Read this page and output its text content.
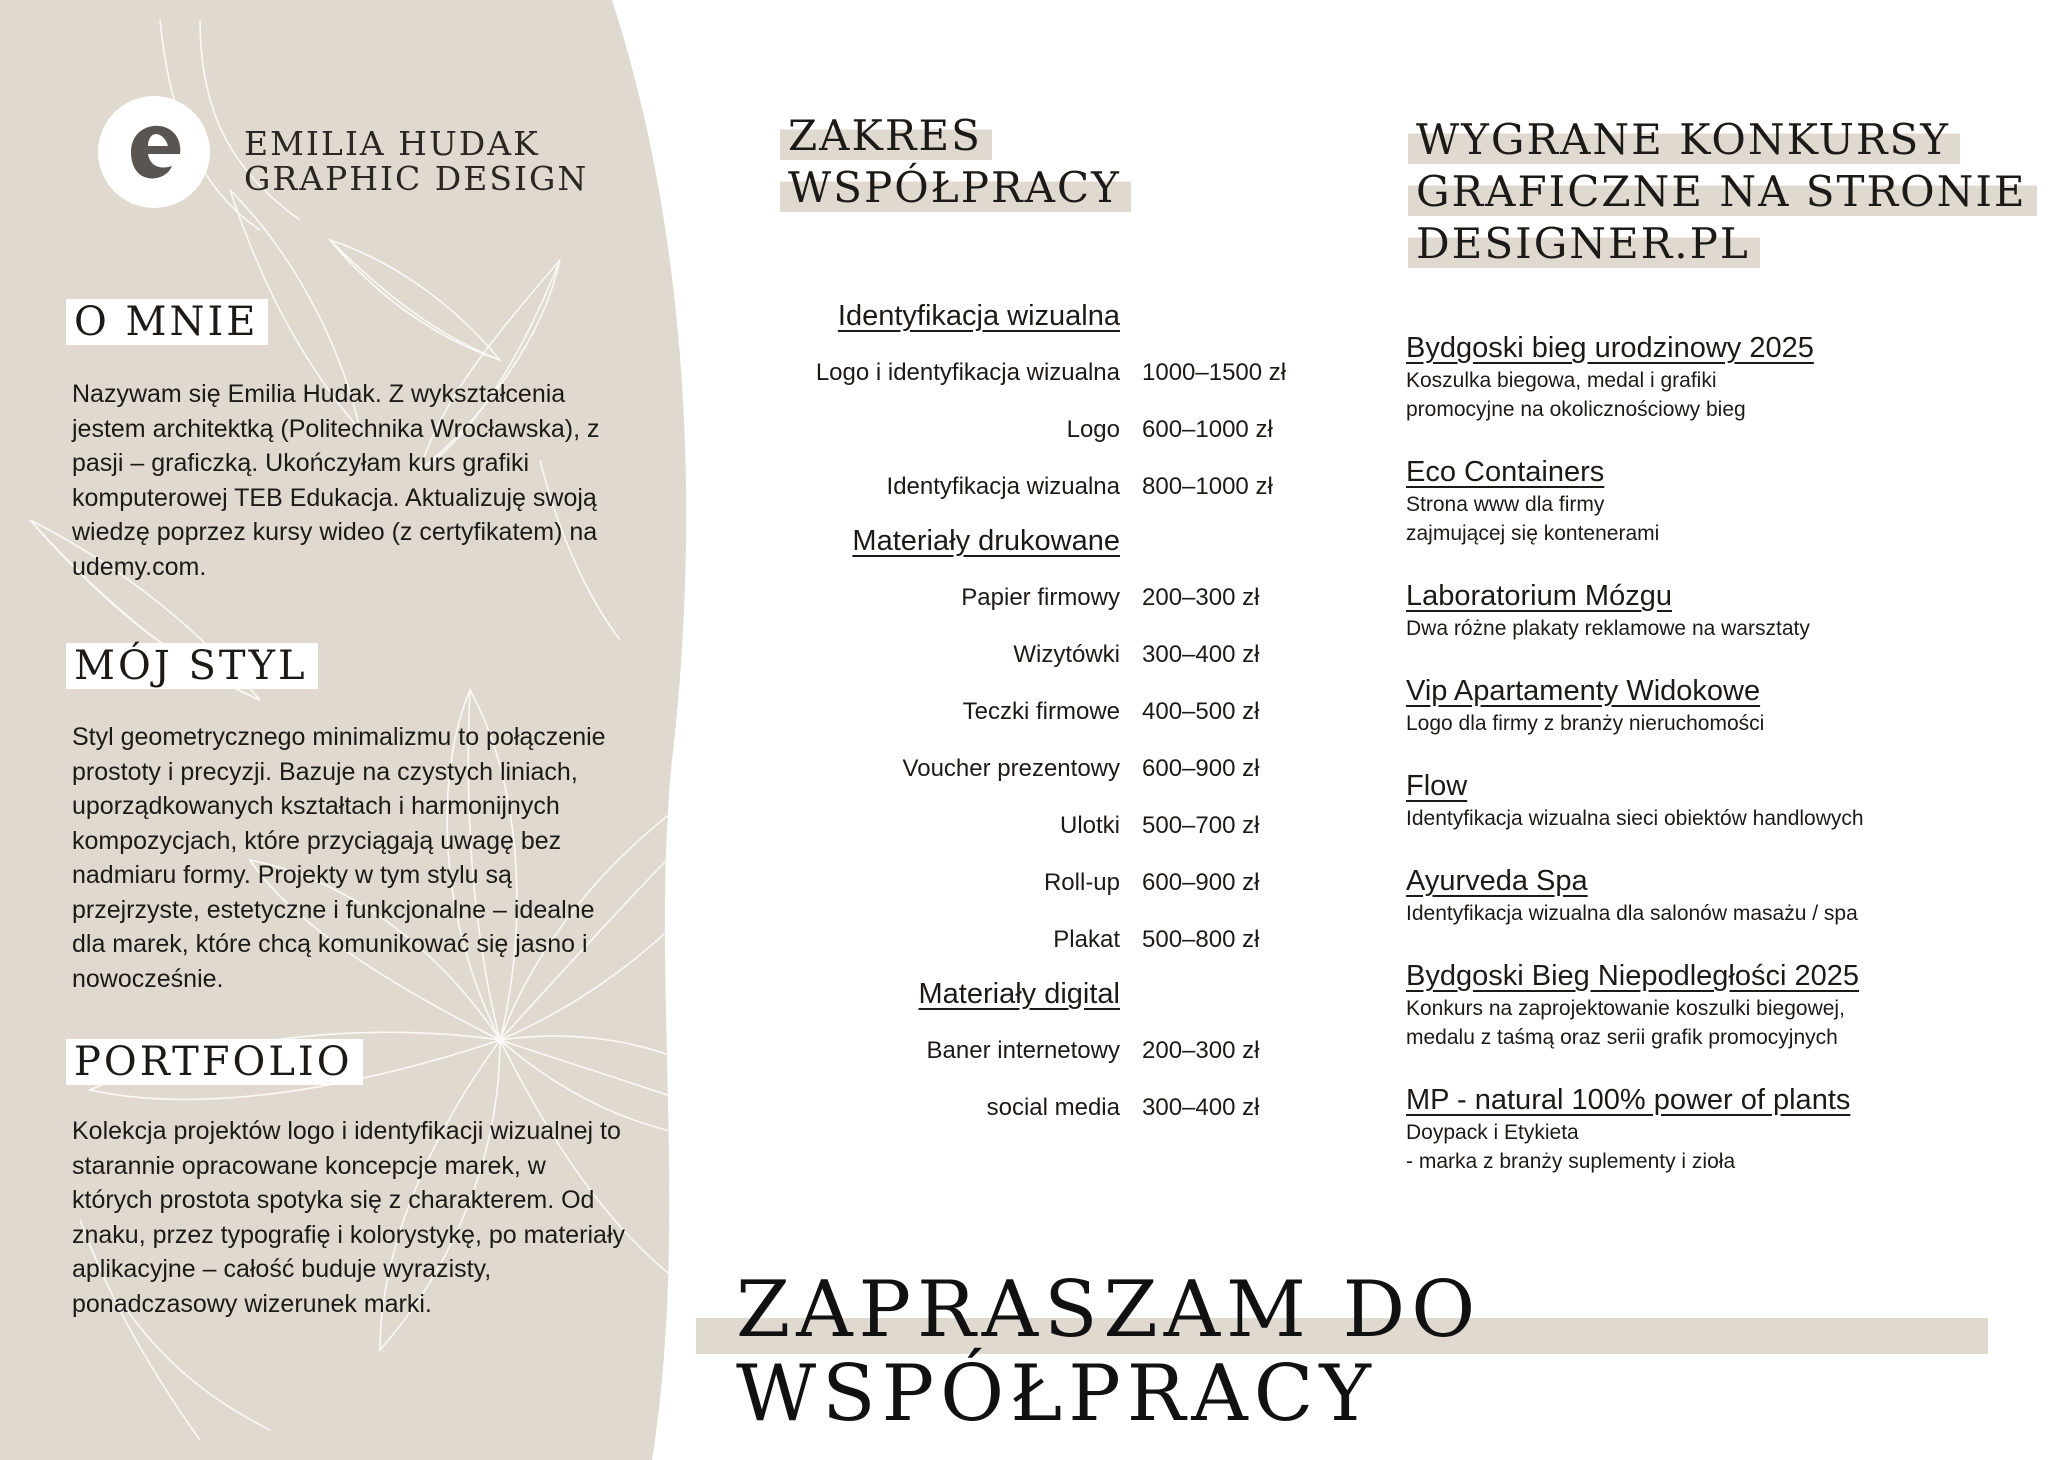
EMILIA HUDAK
GRAPHIC DESIGN
O MNIE

Nazywam się Emilia Hudak. Z wykształcenia jestem architektką (Politechnika Wrocławska), z pasji – graficzką. Ukończyłam kurs grafiki komputerowej TEB Edukacja. Aktualizuję swoją wiedzę poprzez kursy wideo (z certyfikatem) na udemy.com.

MÓJ STYL

Styl geometrycznego minimalizmu to połączenie prostoty i precyzji. Bazuje na czystych liniach, uporządkowanych kształtach i harmonijnych kompozycjach, które przyciągają uwagę bez nadmiaru formy. Projekty w tym stylu są przejrzyste, estetyczne i funkcjonalne – idealne dla marek, które chcą komunikować się jasno i nowocześnie.

PORTFOLIO

Kolekcja projektów logo i identyfikacji wizualnej to starannie opracowane koncepcje marek, w których prostota spotyka się z charakterem. Od znaku, przez typografię i kolorystykę, po materiały aplikacyjne – całość buduje wyrazisty, ponadczasowy wizerunek marki.

ZAKRES
WSPÓŁPRACY
Identyfikacja wizualna
Logo i identyfikacja wizualna 1000–1500 zł
Logo 600–1000 zł
Identyfikacja wizualna 800–1000 zł
Materiały drukowane
Papier firmowy 200–300 zł
Wizytówki 300–400 zł
Teczki firmowe 400–500 zł
Voucher prezentowy 600–900 zł
Ulotki 500–700 zł
Roll-up 600–900 zł
Plakat 500–800 zł
Materiały digital
Baner internetowy 200–300 zł
social media 300–400 zł
WYGRANE KONKURSY
GRAFICZNE NA STRONIE
DESIGNER.PL
Bydgoski bieg urodzinowy 2025
Koszulka biegowa, medal i grafiki
promocyjne na okolicznościowy bieg
Eco Containers
Strona www dla firmy
zajmującej się kontenerami
Laboratorium Mózgu
Dwa różne plakaty reklamowe na warsztaty
Vip Apartamenty Widokowe
Logo dla firmy z branży nieruchomości
Flow
Identyfikacja wizualna sieci obiektów handlowych
Ayurveda Spa
Identyfikacja wizualna dla salonów masażu / spa
Bydgoski Bieg Niepodległości 2025
Konkurs na zaprojektowanie koszulki biegowej,
medalu z taśmą oraz serii grafik promocyjnych
MP - natural 100% power of plants
Doypack i Etykieta
- marka z branży suplementy i zioła
ZAPRASZAM DO WSPÓŁPRACY
